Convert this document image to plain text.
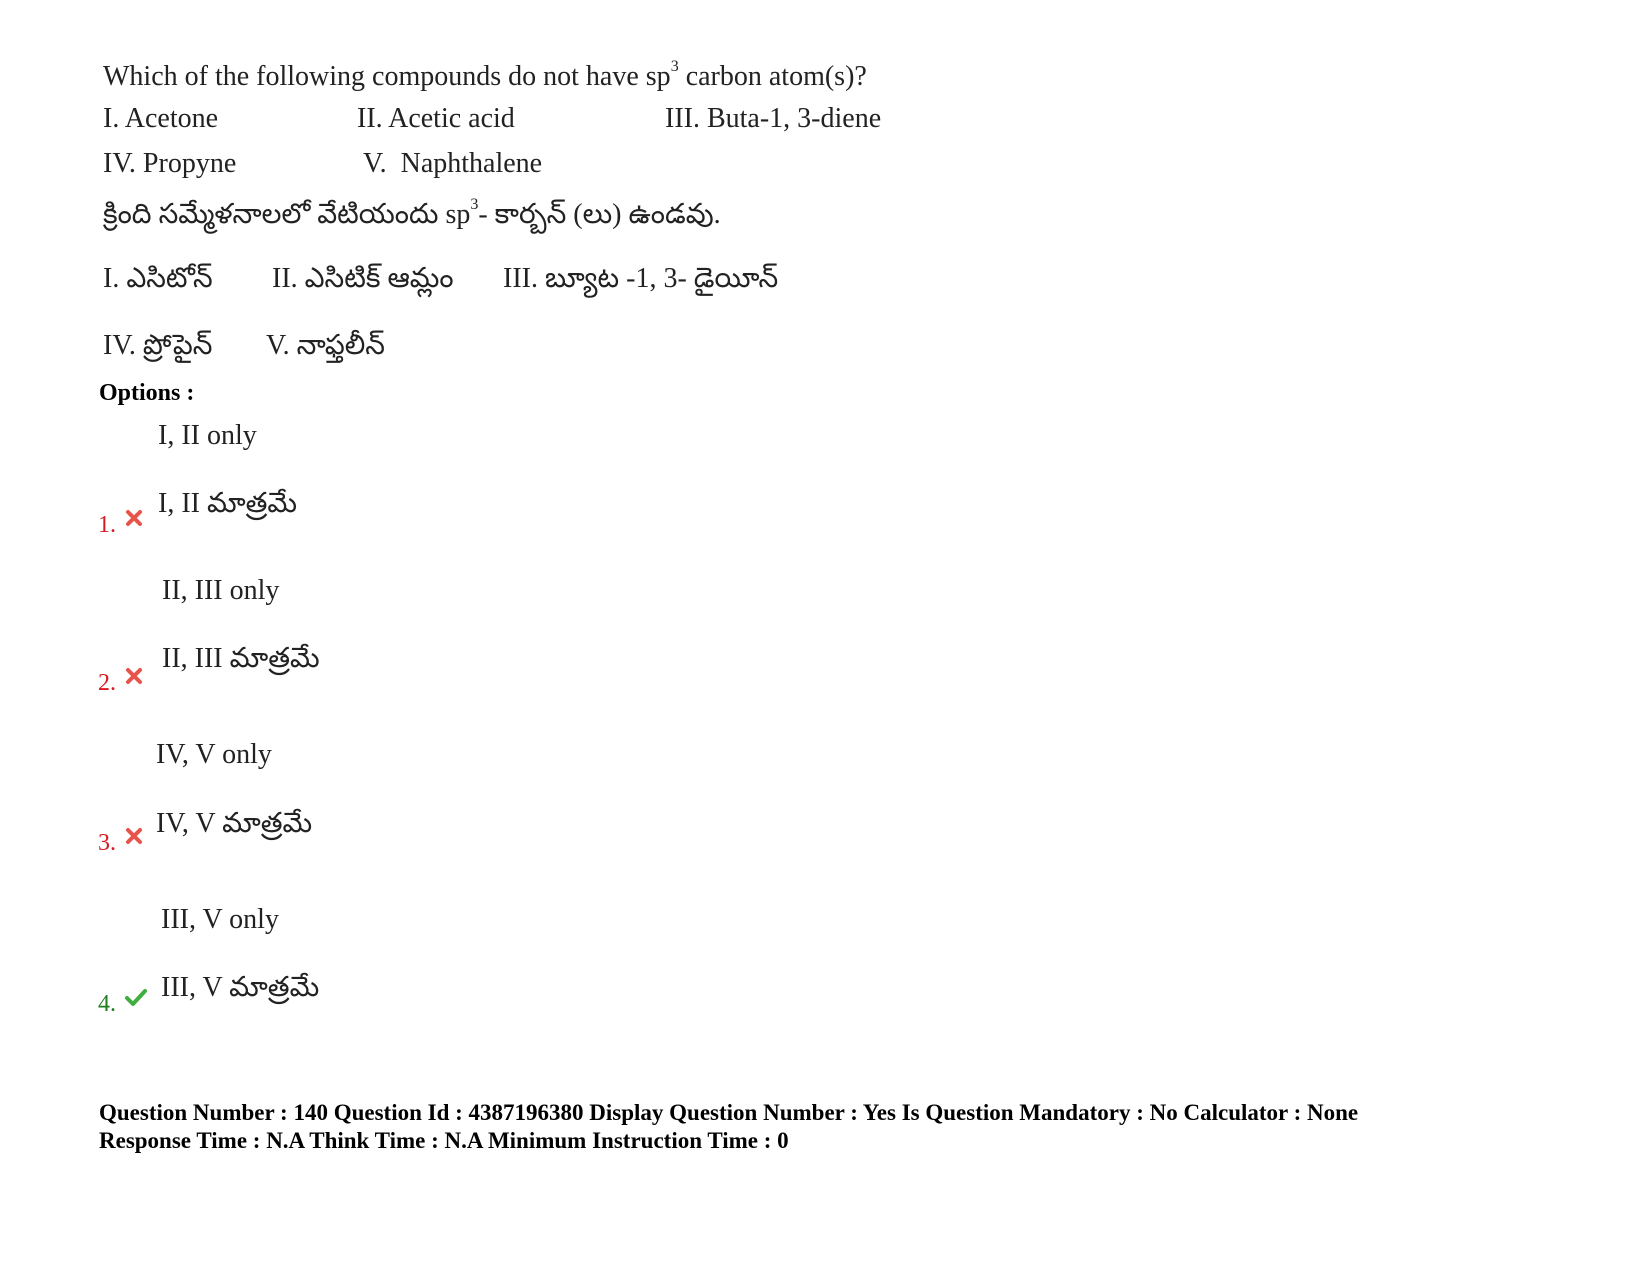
Which of the following compounds do not have $sp^3$ carbon atom(s)?
I. Acetone	II. Acetic acid	III. Buta-1, 3-diene
IV. Propyne	V.  Naphthalene
క్రింది సమ్మేళనాలలో వేటియందు $sp^3-$ కార్బన్ (లు) ఉండవు.
I. ఎసిటోన్ II. ఎసిటిక్ ఆమ్లం III. బ్యూట -1, 3- డైయీన్
IV. ప్రోపైన్ V. నాఫ్తలీన్
Options :
I, II only
1.
I, II మాత్రమే
II, III only
2.
II, III మాత్రమే
IV, V only
3.
IV, V మాత్రమే
III, V only
4.
III, V మాత్రమే
Question Number : 140 Question Id : 4387196380 Display Question Number : Yes Is Question Mandatory : No Calculator : None
Response Time : N.A Think Time : N.A Minimum Instruction Time : 0
